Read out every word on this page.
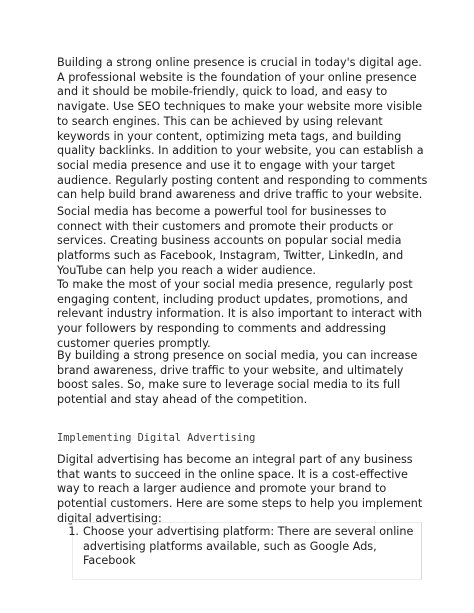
Building a strong online presence is crucial in today's digital age. A professional website is the foundation of your online presence and it should be mobile-friendly, quick to load, and easy to navigate. Use SEO techniques to make your website more visible to search engines. This can be achieved by using relevant keywords in your content, optimizing meta tags, and building quality backlinks. In addition to your website, you can establish a social media presence and use it to engage with your target audience. Regularly posting content and responding to comments can help build brand awareness and drive traffic to your website.

Social media has become a powerful tool for businesses to connect with their customers and promote their products or services. Creating business accounts on popular social media platforms such as Facebook, Instagram, Twitter, LinkedIn, and YouTube can help you reach a wider audience.

To make the most of your social media presence, regularly post engaging content, including product updates, promotions, and relevant industry information. It is also important to interact with your followers by responding to comments and addressing customer queries promptly.

By building a strong presence on social media, you can increase brand awareness, drive traffic to your website, and ultimately boost sales. So, make sure to leverage social media to its full potential and stay ahead of the competition.

Implementing Digital Advertising

Digital advertising has become an integral part of any business that wants to succeed in the online space. It is a cost-effective way to reach a larger audience and promote your brand to potential customers. Here are some steps to help you implement digital advertising:

1. Choose your advertising platform: There are several online advertising platforms available, such as Google Ads, Facebook
